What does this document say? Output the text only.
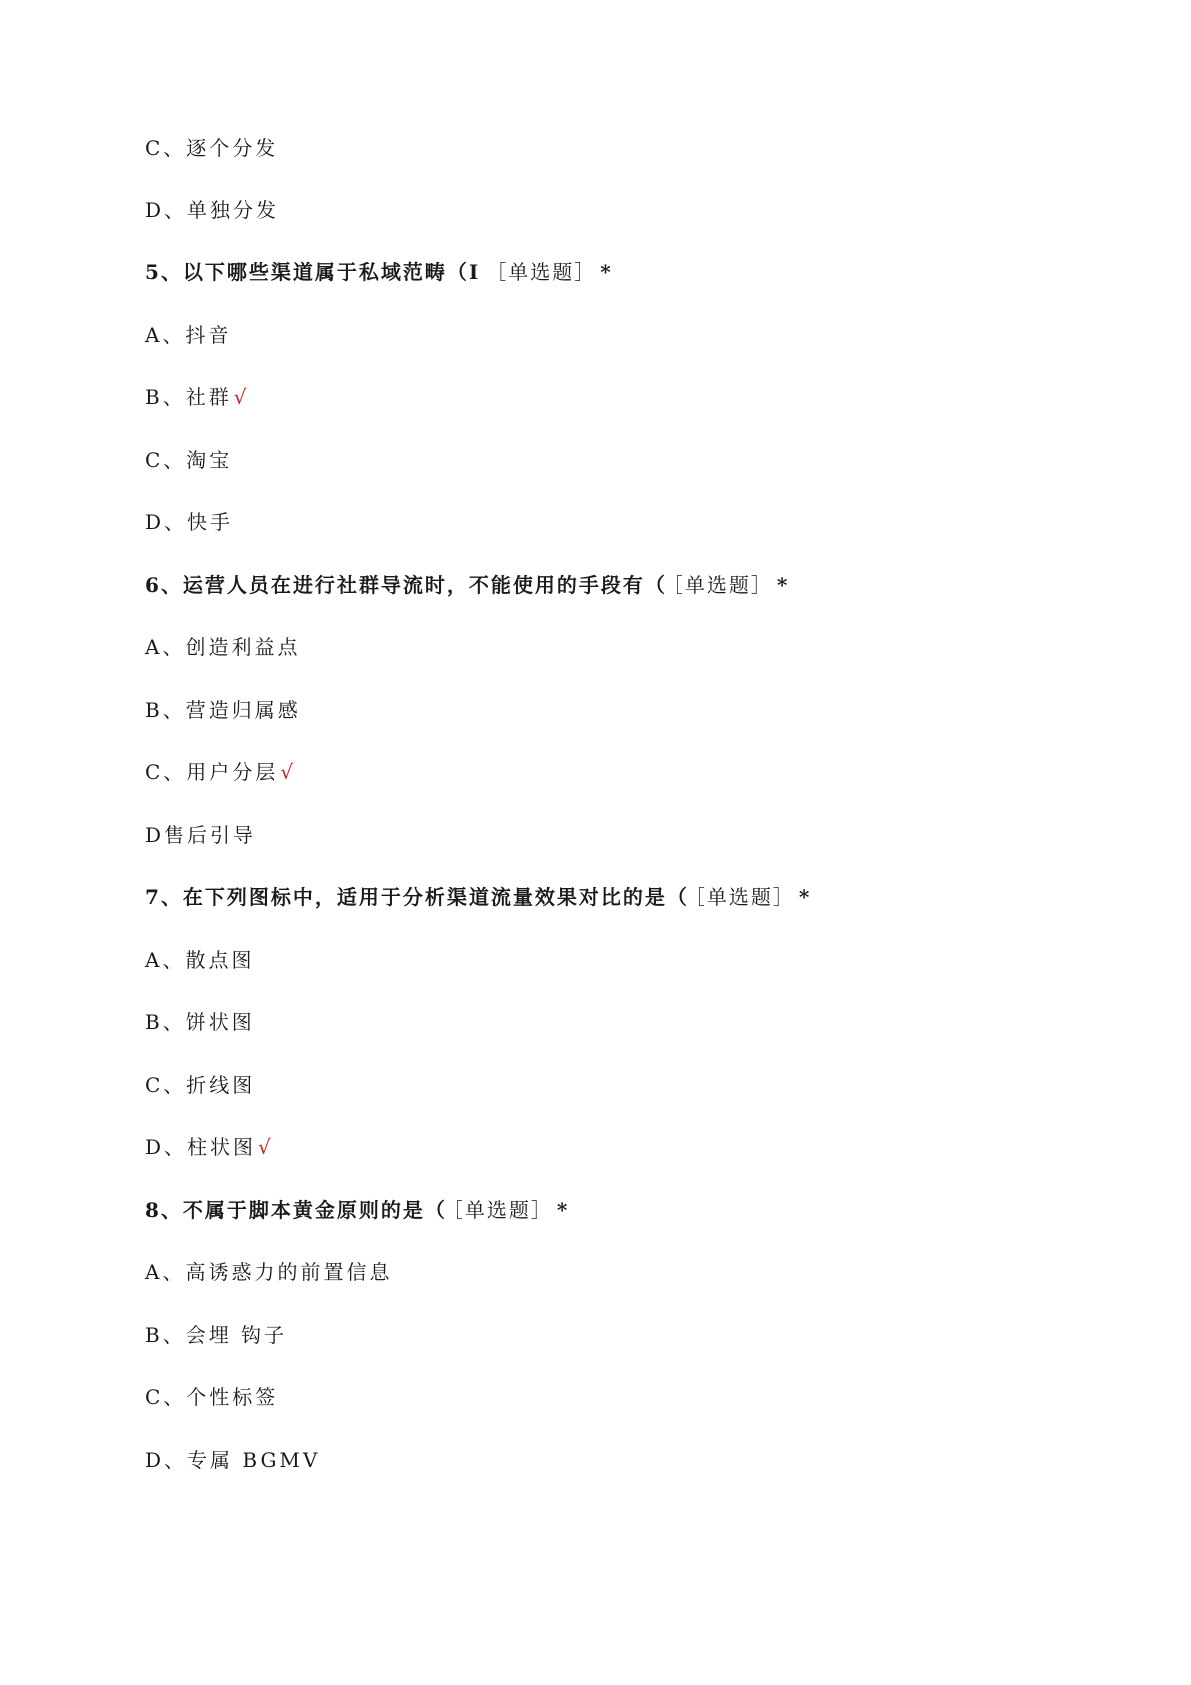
C、逐个分发
D、单独分发
5、以下哪些渠道属于私域范畴（I ［单选题］ *
A、抖音
B、社群 √
C、淘宝
D、快手
6、运营人员在进行社群导流时，不能使用的手段有（ ［单选题］ *
A、创造利益点
B、营造归属感
C、用户分层 √
D售后引导
7、在下列图标中，适用于分析渠道流量效果对比的是（ ［单选题］ *
A、散点图
B、饼状图
C、折线图
D、柱状图 √
8、不属于脚本黄金原则的是（ ［单选题］ *
A、高诱惑力的前置信息
B、会埋 钩子
C、个性标签
D、专属 BGMV
